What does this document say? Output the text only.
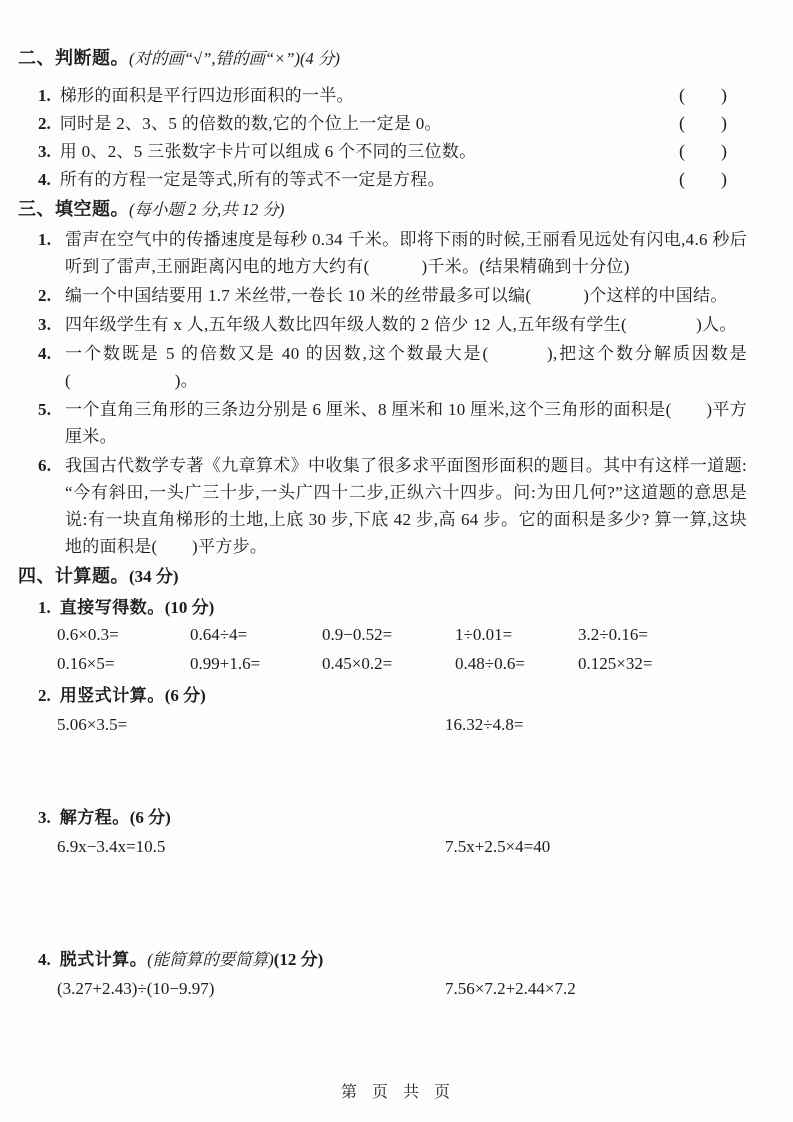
二、判断题。(对的画“√”,错的画“×”)(4 分)
1. 梯形的面积是平行四边形面积的一半。	(　　)
2. 同时是 2、3、5 的倍数的数,它的个位上一定是 0。	(　　)
3. 用 0、2、5 三张数字卡片可以组成 6 个不同的三位数。	(　　)
4. 所有的方程一定是等式,所有的等式不一定是方程。	(　　)
三、填空题。(每小题 2 分,共 12 分)
1. 雷声在空气中的传播速度是每秒 0.34 千米。即将下雨的时候,王丽看见远处有闪电,4.6 秒后听到了雷声,王丽距离闪电的地方大约有(　　　)千米。(结果精确到十分位)
2. 编一个中国结要用 1.7 米丝带,一卷长 10 米的丝带最多可以编(　　　)个这样的中国结。
3. 四年级学生有 x 人,五年级人数比四年级人数的 2 倍少 12 人,五年级有学生(　　　　)人。
4. 一个数既是 5 的倍数又是 40 的因数,这个数最大是(　　　),把这个数分解质因数是(　　　　　　)。
5. 一个直角三角形的三条边分别是 6 厘米、8 厘米和 10 厘米,这个三角形的面积是(　　)平方厘米。
6. 我国古代数学专著《九章算术》中收集了很多求平面图形面积的题目。其中有这样一道题:“今有斜田,一头广三十步,一头广四十二步,正纵六十四步。问:为田几何?”这道题的意思是说:有一块直角梯形的土地,上底 30 步,下底 42 步,高 64 步。它的面积是多少? 算一算,这块地的面积是(　　)平方步。
四、计算题。(34 分)
1. 直接写得数。(10 分)
0.6×0.3=	0.64÷4=	0.9−0.52=	1÷0.01=	3.2÷0.16=
0.16×5=	0.99+1.6=	0.45×0.2=	0.48÷0.6=	0.125×32=
2. 用竖式计算。(6 分)
5.06×3.5=	16.32÷4.8=
3. 解方程。(6 分)
6.9x−3.4x=10.5	7.5x+2.5×4=40
4. 脱式计算。(能简算的要简算)(12 分)
(3.27+2.43)÷(10−9.97)	7.56×7.2+2.44×7.2
第 页 共 页
